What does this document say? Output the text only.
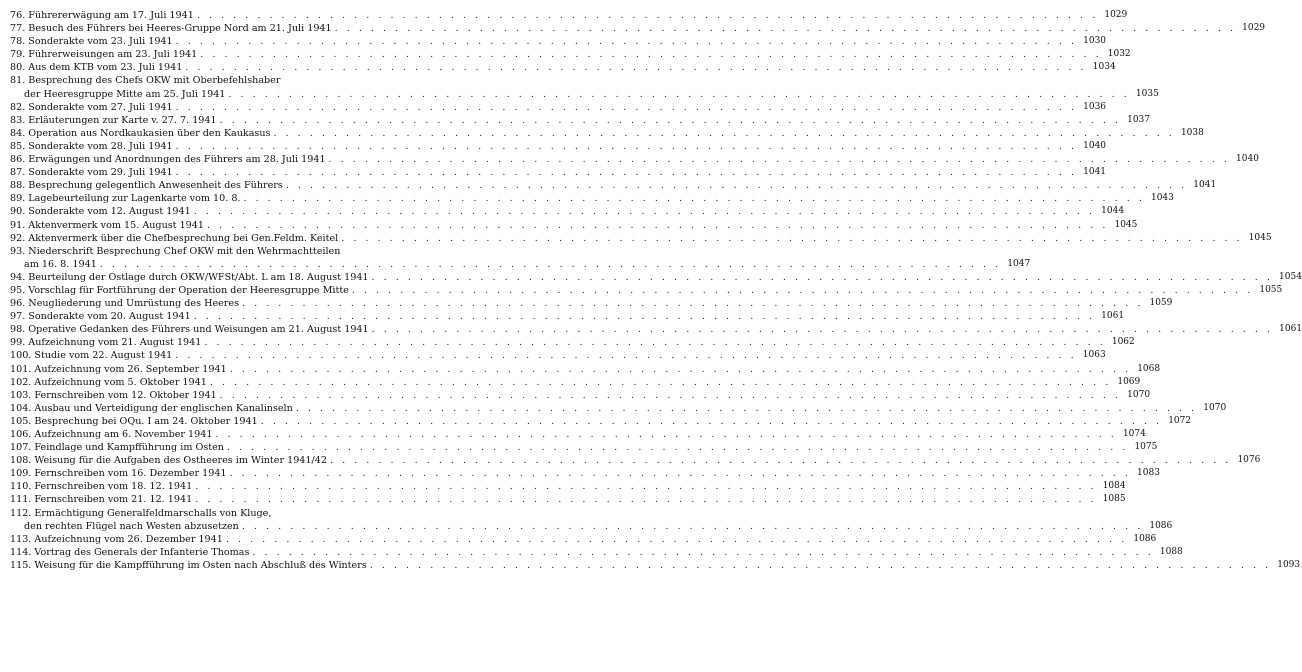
76. Führererwägung am 17. Juli 1941 . . .	1029
77. Besuch des Führers bei Heeres-Gruppe Nord am 21. Juli 1941 . . .	1029
78. Sonderakte vom 23. Juli 1941 . . .	1030
79. Führerweisungen am 23. Juli 1941 . . .	1032
80. Aus dem KTB vom 23. Juli 1941 . . .	1034
81. Besprechung des Chefs OKW mit Oberbefehlshaber
der Heeresgruppe Mitte am 25. Juli 1941 . . .	1035
82. Sonderakte vom 27. Juli 1941 . . .	1036
83. Erläuterungen zur Karte v. 27. 7. 1941 . . .	1037
84. Operation aus Nordkaukasien über den Kaukasus . . .	1038
85. Sonderakte vom 28. Juli 1941 . . .	1040
86. Erwägungen und Anordnungen des Führers am 28. Juli 1941 . . .	1040
87. Sonderakte vom 29. Juli 1941 . . .	1041
88. Besprechung gelegentlich Anwesenheit des Führers . . .	1041
89. Lagebeurteilung zur Lagenkarte vom 10. 8. . . .	1043
90. Sonderakte vom 12. August 1941 . . .	1044
91. Aktenvermerk vom 15. August 1941 . . .	1045
92. Aktenvermerk über die Chefbesprechung bei Gen.Feldm. Keitel . . .	1045
93. Niederschrift Besprechung Chef OKW mit den Wehrmachtteilen
am 16. 8. 1941 . . .	1047
94. Beurteilung der Ostlage durch OKW/WFSt/Abt. L am 18. August 1941 . . .	1054
95. Vorschlag für Fortführung der Operation der Heeresgruppe Mitte . . .	1055
96. Neugliederung und Umrüstung des Heeres . . .	1059
97. Sonderakte vom 20. August 1941 . . .	1061
98. Operative Gedanken des Führers und Weisungen am 21. August 1941 . . .	1061
99. Aufzeichnung vom 21. August 1941 . . .	1062
100. Studie vom 22. August 1941 . . .	1063
101. Aufzeichnung vom 26. September 1941 . . .	1068
102. Aufzeichnung vom 5. Oktober 1941 . . .	1069
103. Fernschreiben vom 12. Oktober 1941 . . .	1070
104. Ausbau und Verteidigung der englischen Kanalinseln . . .	1070
105. Besprechung bei OQu. I am 24. Oktober 1941 . . .	1072
106. Aufzeichnung am 6. November 1941 . . .	1074
107. Feindlage und Kampfführung im Osten . . .	1075
108. Weisung für die Aufgaben des Ostheeres im Winter 1941/42 . . .	1076
109. Fernschreiben vom 16. Dezember 1941 . . .	1083
110. Fernschreiben vom 18. 12. 1941 . . .	1084
111. Fernschreiben vom 21. 12. 1941 . . .	1085
112. Ermächtigung Generalfeldmarschalls von Kluge,
den rechten Flügel nach Westen abzusetzen . . .	1086
113. Aufzeichnung vom 26. Dezember 1941 . . .	1086
114. Vortrag des Generals der Infanterie Thomas . . .	1088
115. Weisung für die Kampfführung im Osten nach Abschluß des Winters . . .	1093
